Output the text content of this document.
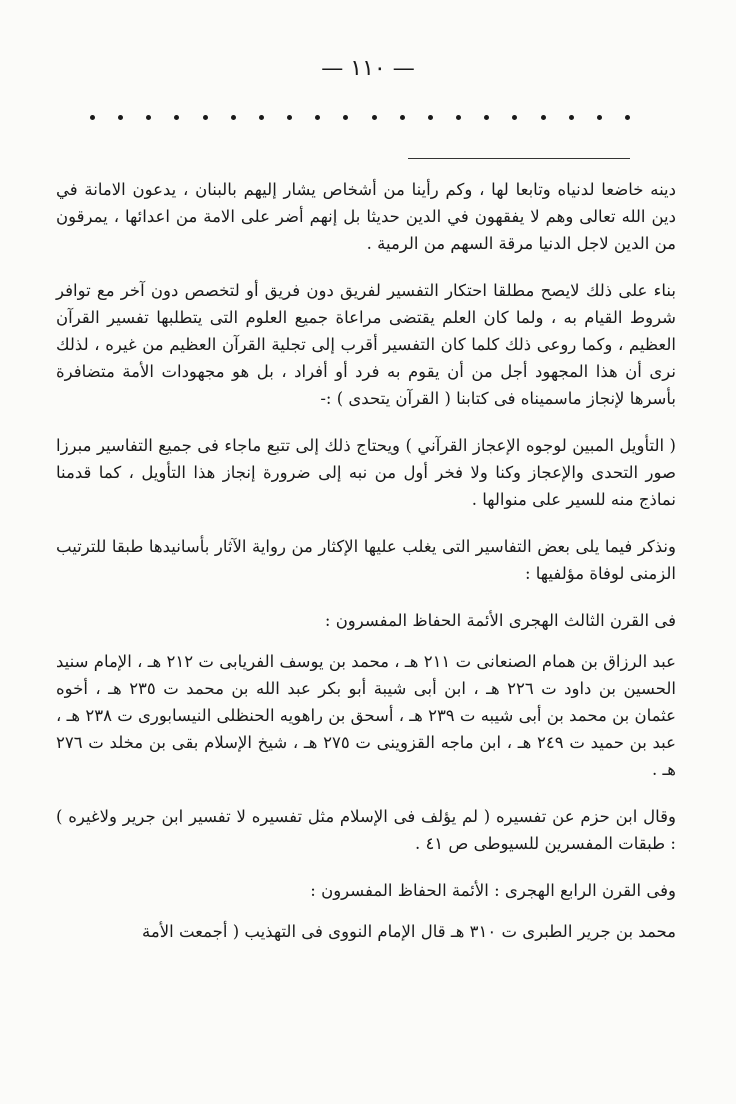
— ١١٠ —

دينه خاضعا لدنياه وتابعا لها ، وكم رأينا من أشخاص يشار إليهم بالبنان ، يدعون الامانة في دين الله تعالى وهم لا يفقهون في الدين حديثا بل إنهم أضر على الامة من اعدائها ، يمرقون من الدين لاجل الدنيا مرقة السهم من الرمية .

بناء على ذلك لايصح مطلقا احتكار التفسير لفريق دون فريق أو لتخصص دون آخر مع توافر شروط القيام به ، ولما كان العلم يقتضى مراعاة جميع العلوم التى يتطلبها تفسير القرآن العظيم ، وكما روعى ذلك كلما كان التفسير أقرب إلى تجلية القرآن العظيم من غيره ، لذلك نرى أن هذا المجهود أجل من أن يقوم به فرد أو أفراد ، بل هو مجهودات الأمة متضافرة بأسرها لإنجاز ماسميناه فى كتابنا ( القرآن يتحدى ) :-

( التأويل المبين لوجوه الإعجاز القرآني ) ويحتاج ذلك إلى تتبع ماجاء فى جميع التفاسير مبرزا صور التحدى والإعجاز وكنا ولا فخر أول من نبه إلى ضرورة إنجاز هذا التأويل ، كما قدمنا نماذج منه للسير على منوالها .

ونذكر فيما يلى بعض التفاسير التى يغلب عليها الإكثار من رواية الآثار بأسانيدها طبقا للترتيب الزمنى لوفاة مؤلفيها :

فى القرن الثالث الهجرى الأئمة الحفاظ المفسرون :

عبد الرزاق بن همام الصنعانى ت ٢١١ هـ ، محمد بن يوسف الفريابى ت ٢١٢ هـ ، الإمام سنيد الحسين بن داود ت ٢٢٦ هـ ، ابن أبى شيبة أبو بكر عبد الله بن محمد ت ٢٣٥ هـ ، أخوه عثمان بن محمد بن أبى شيبه ت ٢٣٩ هـ ، أسحق بن راهويه الحنظلى النيسابورى ت ٢٣٨ هـ ، عبد بن حميد ت ٢٤٩ هـ ، ابن ماجه القزوينى ت ٢٧٥ هـ ، شيخ الإسلام بقى بن مخلد ت ٢٧٦ هـ .

وقال ابن حزم عن تفسيره ( لم يؤلف فى الإسلام مثل تفسيره لا تفسير ابن جرير ولاغيره ) : طبقات المفسرين للسيوطى ص ٤١ .

وفى القرن الرابع الهجرى : الأئمة الحفاظ المفسرون :

محمد بن جرير الطبرى ت ٣١٠ هـ قال الإمام النووى فى التهذيب ( أجمعت الأمة
